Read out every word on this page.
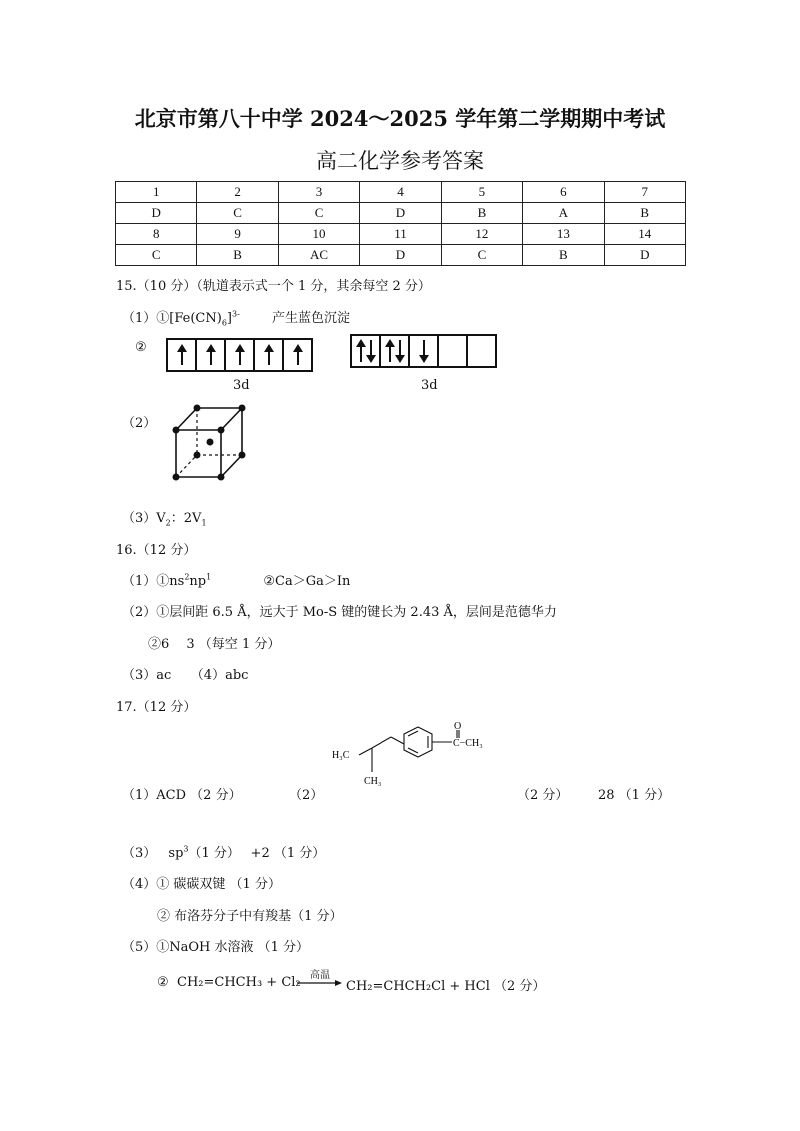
北京市第八十中学 2024～2025 学年第二学期期中考试
高二化学参考答案
1	2	3	4	5	6	7
D	C	C	D	B	A	B
8	9	10	11	12	13	14
C	B	AC	D	C	B	D
15.（10 分）（轨道表示式一个 1 分，其余每空 2 分）
$(1)①[Fe(CN)_6]^{3-}$ 产生蓝色沉淀
②
3d	3d
（2）
$(3)V_2$：$2V_1$
16.（12 分）
$(1)①ns^2np^1$	②Ca＞Ga＞In
（2）①层间距 6.5 Å，远大于 Mo-S 键的键长为 2.43 Å，层间是范德华力
②6　 3 （每空 1 分）
（3）ac　　（4）abc
17.（12 分）
H₃C
CH₃
O
C−CH₃
（1）ACD （2 分）	（2）	（2 分） 28 （1 分）
（3） $sp^3(1$ 分）　 +2 （1 分）
（4）① 碳碳双键 （1 分）
② 布洛芬分子中有羧基（1 分）
（5）①NaOH 水溶液 （1 分）
② CH₂=CHCH₃ + Cl₂ 高温
→ CH₂=CHCH₂Cl + HCl （2 分）
